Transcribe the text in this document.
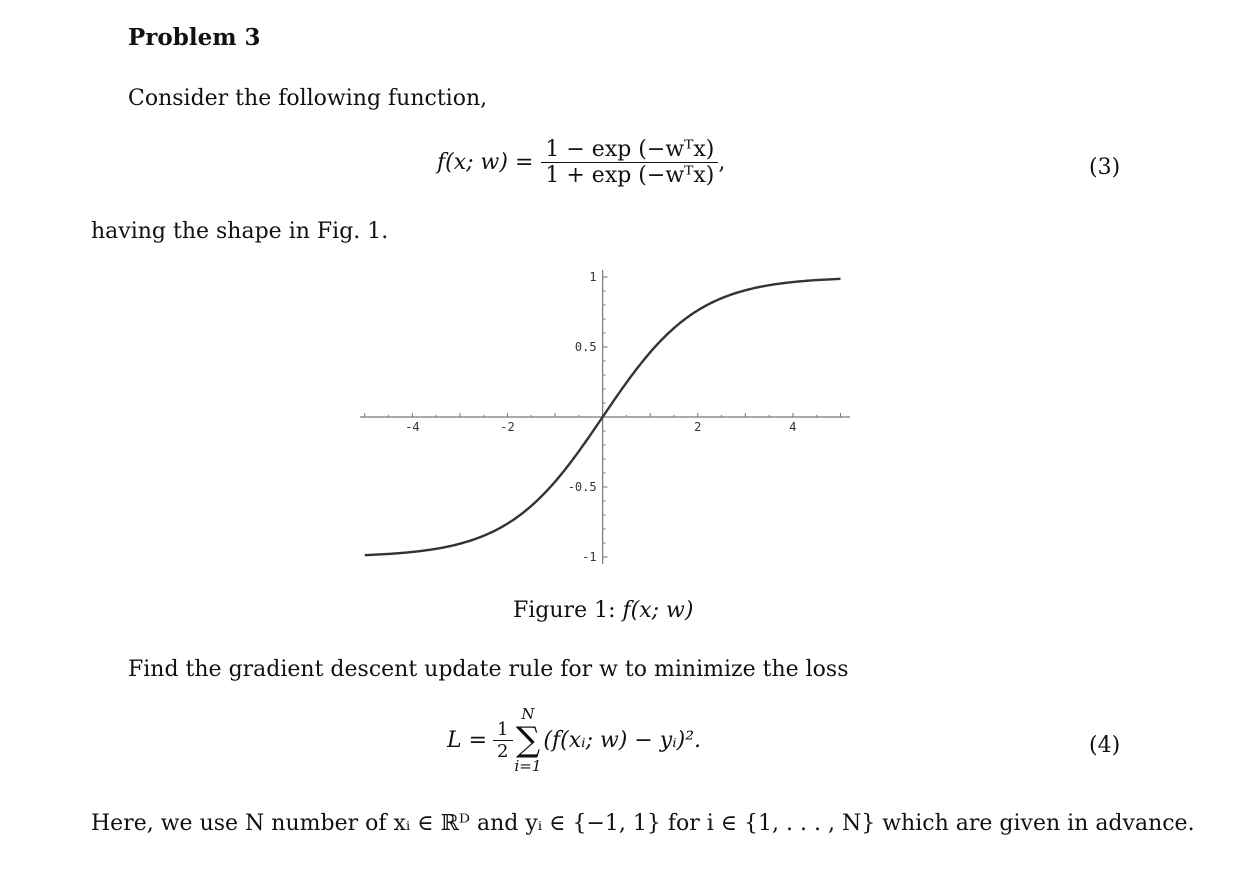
Problem 3
Consider the following function,
f(x; $w) = \frac{\text{1 − exp (−wᵀx)}}{\text{1 + exp (−wᵀx)}}$ ,	(3)
having the shape in Fig. 1.
-4	-2	2	4
1
0.5
-0.5
-1
Figure 1: f(x; w)
Find the gradient descent update rule for w to minimize the loss
$L = \frac{1}{2}$
N
∑
i=1
(f(xᵢ; w) − yᵢ)².	(4)
Here, we use N number of xᵢ ∈ ℝᴰ and yᵢ ∈ {−1, 1} for i ∈ {1, . . . , N} which are given in advance.
